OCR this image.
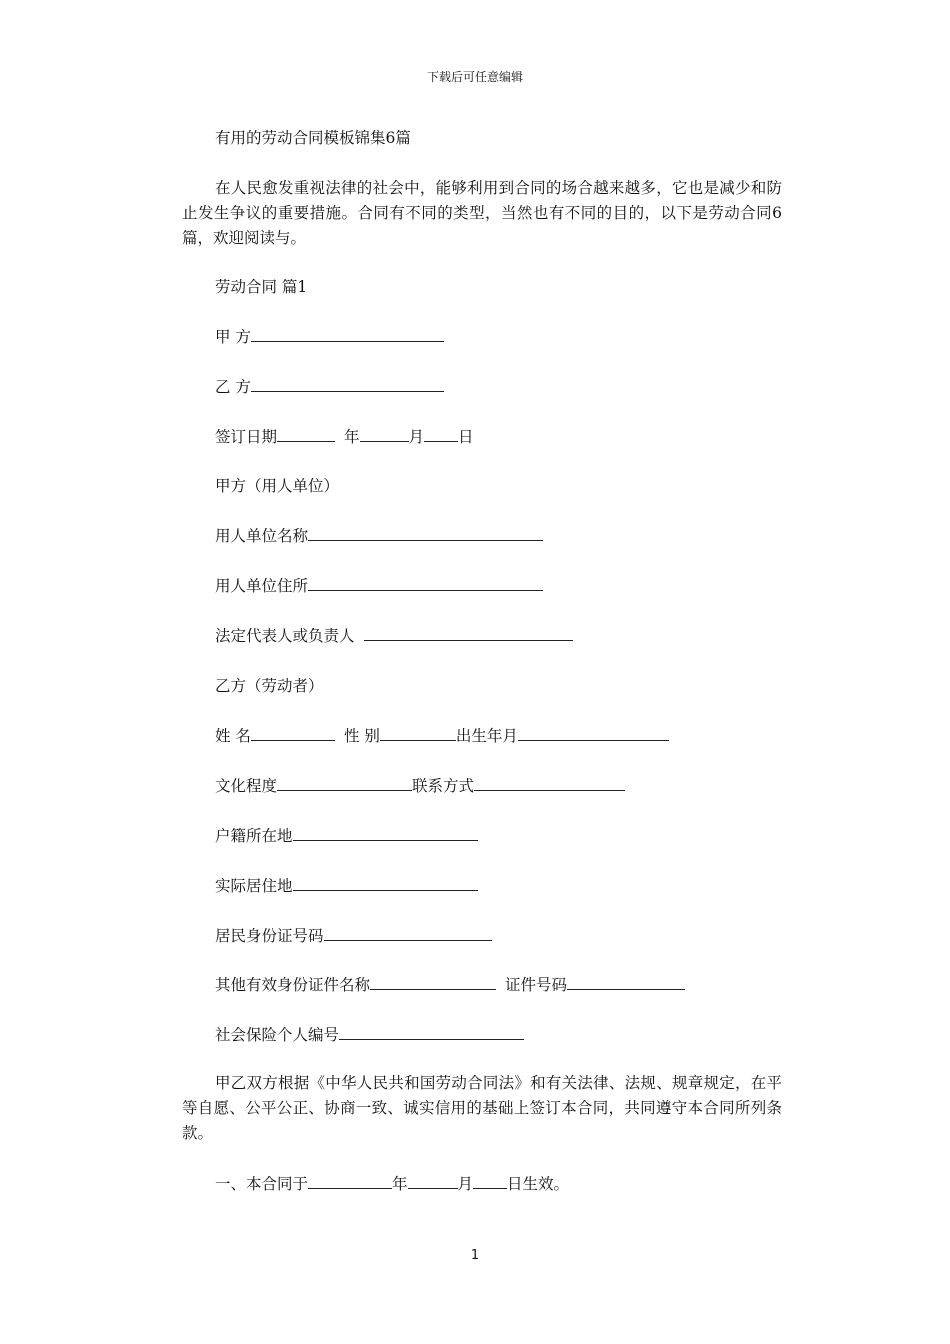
下载后可任意编辑
有用的劳动合同模板锦集6篇
在人民愈发重视法律的社会中，能够利用到合同的场合越来越多，它也是减少和防止发生争议的重要措施。合同有不同的类型，当然也有不同的目的，以下是劳动合同6篇，欢迎阅读与。
劳动合同 篇1
甲 方
乙 方
签订日期	年	月 日
甲方（用人单位）
用人单位名称
用人单位住所
法定代表人或负责人
乙方（劳动者）
姓 名	性 别	出生年月
文化程度	联系方式
户籍所在地
实际居住地
居民身份证号码
其他有效身份证件名称	证件号码
社会保险个人编号
甲乙双方根据《中华人民共和国劳动合同法》和有关法律、法规、规章规定，在平等自愿、公平公正、协商一致、诚实信用的基础上签订本合同，共同遵守本合同所列条款。
一、本合同于	年	月 日生效。
1
